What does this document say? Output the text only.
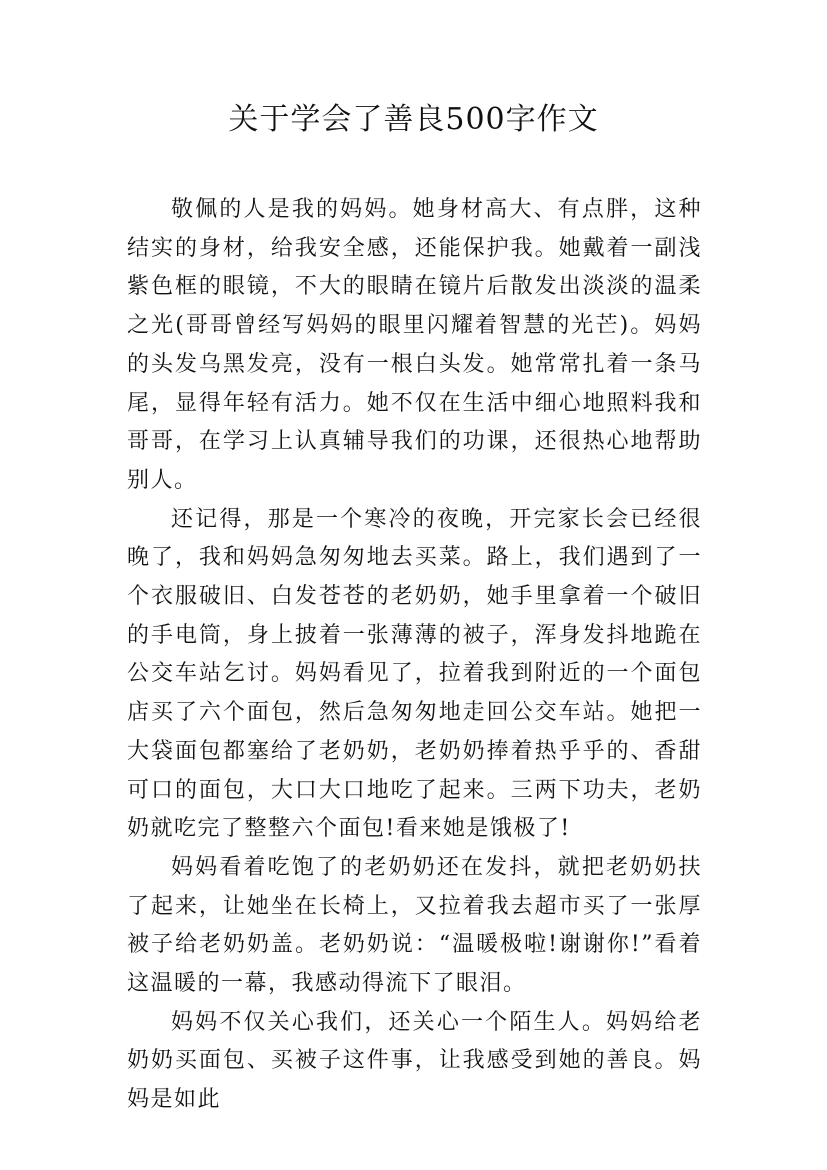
关于学会了善良500字作文

敬佩的人是我的妈妈。她身材高大、有点胖，这种结实的身材，给我安全感，还能保护我。她戴着一副浅紫色框的眼镜，不大的眼睛在镜片后散发出淡淡的温柔之光(哥哥曾经写妈妈的眼里闪耀着智慧的光芒)。妈妈的头发乌黑发亮，没有一根白头发。她常常扎着一条马尾，显得年轻有活力。她不仅在生活中细心地照料我和哥哥，在学习上认真辅导我们的功课，还很热心地帮助别人。

还记得，那是一个寒冷的夜晚，开完家长会已经很晚了，我和妈妈急匆匆地去买菜。路上，我们遇到了一个衣服破旧、白发苍苍的老奶奶，她手里拿着一个破旧的手电筒，身上披着一张薄薄的被子，浑身发抖地跪在公交车站乞讨。妈妈看见了，拉着我到附近的一个面包店买了六个面包，然后急匆匆地走回公交车站。她把一大袋面包都塞给了老奶奶，老奶奶捧着热乎乎的、香甜可口的面包，大口大口地吃了起来。三两下功夫，老奶奶就吃完了整整六个面包!看来她是饿极了!

妈妈看着吃饱了的老奶奶还在发抖，就把老奶奶扶了起来，让她坐在长椅上，又拉着我去超市买了一张厚被子给老奶奶盖。老奶奶说：“温暖极啦!谢谢你!”看着这温暖的一幕，我感动得流下了眼泪。

妈妈不仅关心我们，还关心一个陌生人。妈妈给老奶奶买面包、买被子这件事，让我感受到她的善良。妈妈是如此
